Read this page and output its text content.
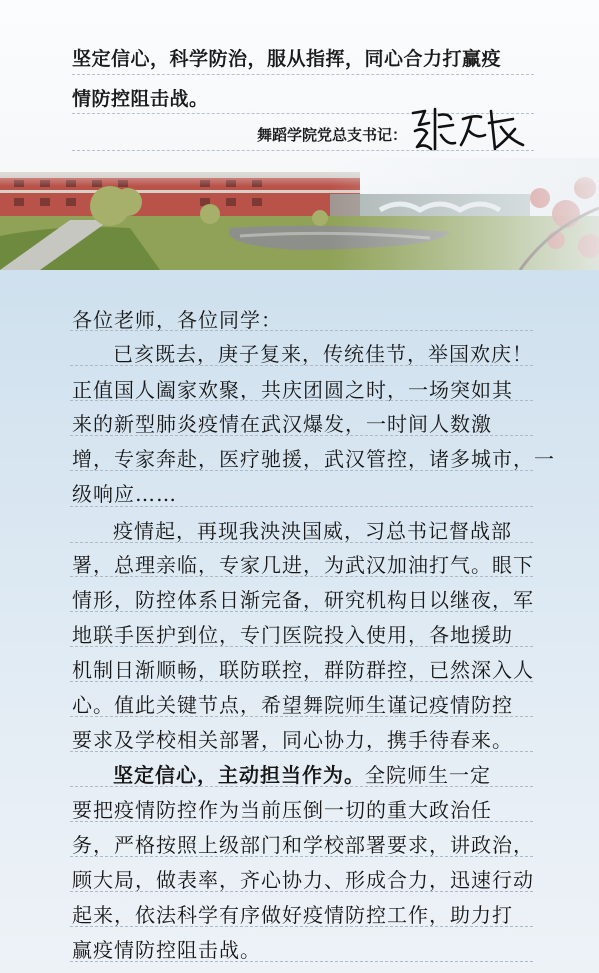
坚定信心，科学防治，服从指挥，同心合力打赢疫
情防控阻击战。
舞蹈学院党总支书记：
各位老师，各位同学：
已亥既去，庚子复来，传统佳节，举国欢庆！
正值国人阖家欢聚，共庆团圆之时，一场突如其
来的新型肺炎疫情在武汉爆发，一时间人数激
增，专家奔赴，医疗驰援，武汉管控，诸多城市，一
级响应……
疫情起，再现我泱泱国威，习总书记督战部
署，总理亲临，专家几进，为武汉加油打气。眼下
情形，防控体系日渐完备，研究机构日以继夜，军
地联手医护到位，专门医院投入使用，各地援助
机制日渐顺畅，联防联控，群防群控，已然深入人
心。值此关键节点，希望舞院师生谨记疫情防控
要求及学校相关部署，同心协力，携手待春来。
坚定信心，主动担当作为。全院师生一定
要把疫情防控作为当前压倒一切的重大政治任
务，严格按照上级部门和学校部署要求，讲政治，
顾大局，做表率，齐心协力、形成合力，迅速行动
起来，依法科学有序做好疫情防控工作，助力打
赢疫情防控阻击战。
